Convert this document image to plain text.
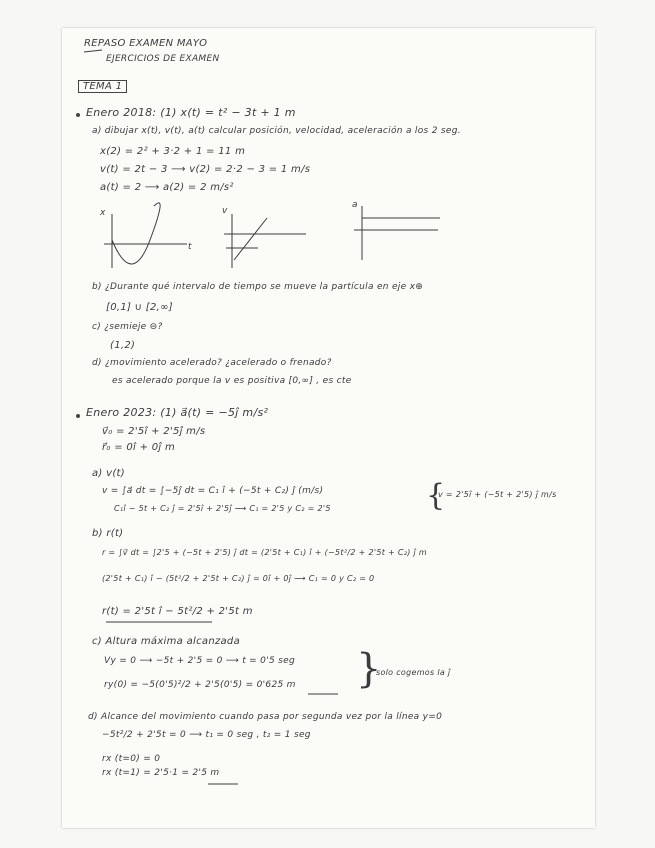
REPASO EXAMEN MAYO
EJERCICIOS DE EXAMEN
TEMA 1
Enero 2018: (1) x(t) = t² − 3t + 1 m
a) dibujar x(t), v(t), a(t) calcular posición, velocidad, aceleración a los 2 seg.
x(2) = 2² + 3·2 + 1 = 11 m
v(t) = 2t − 3 ⟶ v(2) = 2·2 − 3 = 1 m/s
a(t) = 2 ⟶ a(2) = 2 m/s²
x
t
v
a
b) ¿Durante qué intervalo de tiempo se mueve la partícula en eje x⊕
[0,1] ∪ [2,∞]
c) ¿semieje ⊖?
(1,2)
d) ¿movimiento acelerado? ¿acelerado o frenado?
es acelerado porque la v es positiva [0,∞] , es cte
Enero 2023: (1) a⃗(t) = −5ĵ m/s²
v⃗₀ = 2'5î + 2'5ĵ m/s
r⃗₀ = 0î + 0ĵ m
a) v(t)
v = ∫a⃗ dt = ∫−5ĵ dt = C₁ î + (−5t + C₂) ĵ (m/s)
C₁î − 5t + C₂ ĵ = 2'5î + 2'5ĵ ⟶ C₁ = 2'5 y C₂ = 2'5	{
v = 2'5î + (−5t + 2'5) ĵ m/s
b) r(t)
r = ∫v⃗ dt = ∫2'5 + (−5t + 2'5) ĵ dt = (2'5t + C₁) î + (−5t²/2 + 2'5t + C₂) ĵ m
(2'5t + C₁) î − (5t²/2 + 2'5t + C₂) ĵ = 0î + 0ĵ ⟶ C₁ = 0 y C₂ = 0
r(t) = 2'5t î − 5t²/2 + 2'5t m
c) Altura máxima alcanzada
Vy = 0 ⟶ −5t + 2'5 = 0 ⟶ t = 0'5 seg
ry(0) = −5(0'5)²/2 + 2'5(0'5) = 0'625 m }
solo cogemos la ĵ
d) Alcance del movimiento cuando pasa por segunda vez por la línea y=0
−5t²/2 + 2'5t = 0 ⟶ t₁ = 0 seg , t₂ = 1 seg
rx (t=0) = 0
rx (t=1) = 2'5·1 = 2'5 m
